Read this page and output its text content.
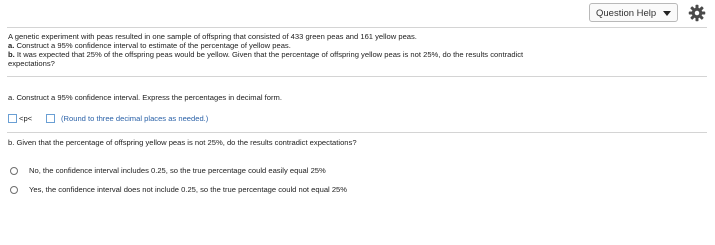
Question Help
A genetic experiment with peas resulted in one sample of offspring that consisted of 433 green peas and 161 yellow peas.
a. Construct a 95% confidence interval to estimate of the percentage of yellow peas.
b. It was expected that 25% of the offspring peas would be yellow. Given that the percentage of offspring yellow peas is not 25%, do the results contradict
expectations?
a. Construct a 95% confidence interval. Express the percentages in decimal form.
<p<	(Round to three decimal places as needed.)
b. Given that the percentage of offspring yellow peas is not 25%, do the results contradict expectations?
No, the confidence interval includes 0.25, so the true percentage could easily equal 25%
Yes, the confidence interval does not include 0.25, so the true percentage could not equal 25%
